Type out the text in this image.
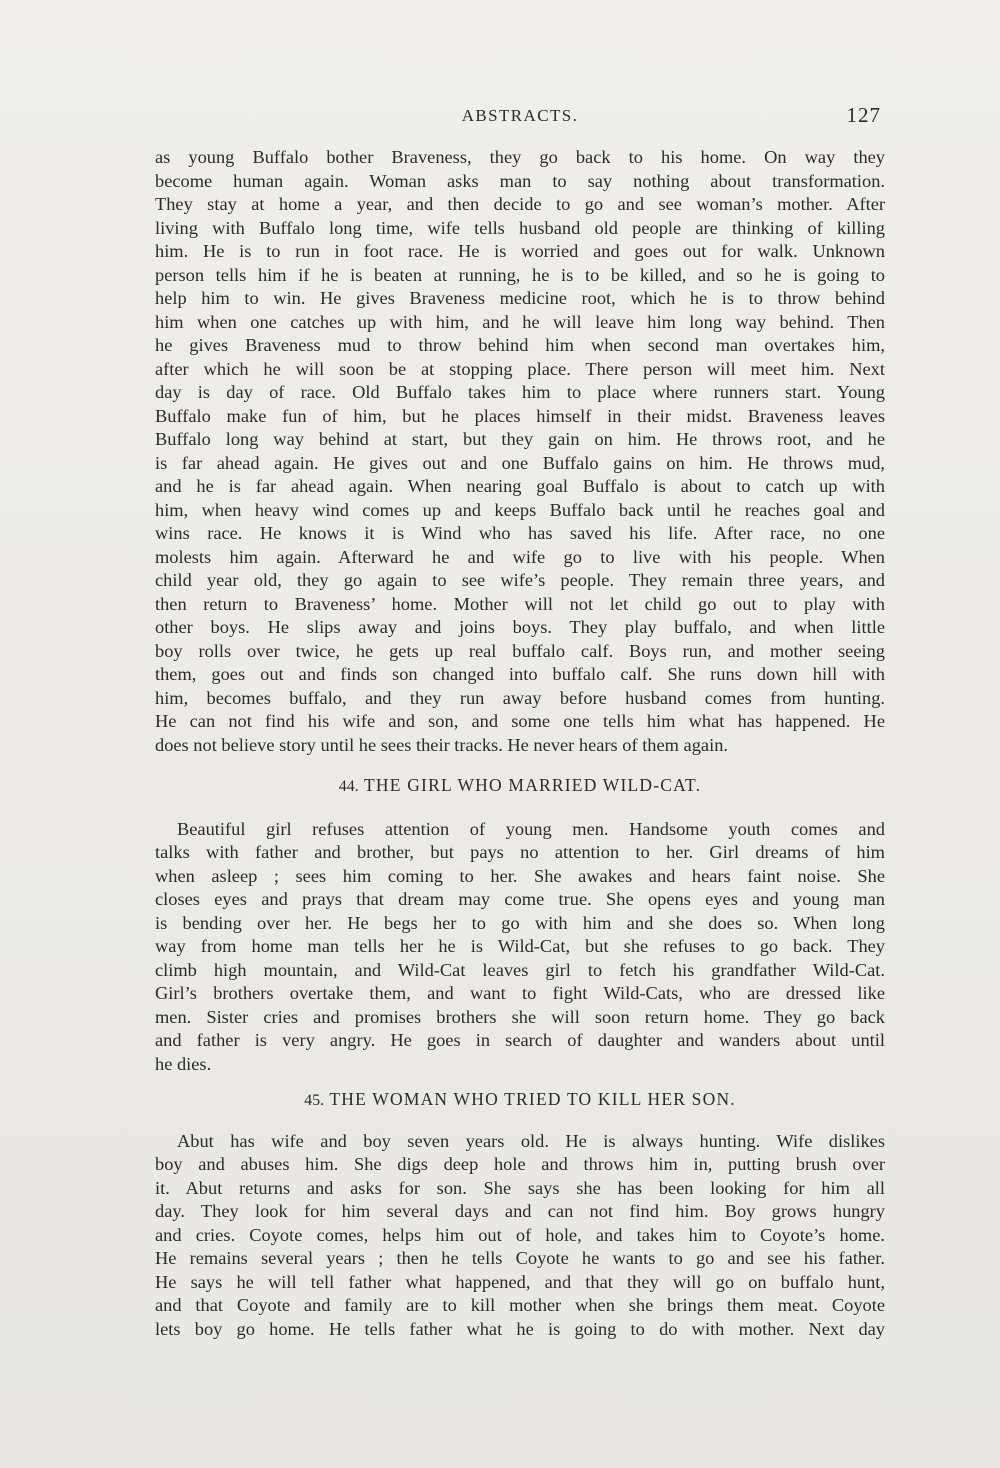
ABSTRACTS.	127
as young Buffalo bother Braveness, they go back to his home. On way they
become human again. Woman asks man to say nothing about transformation.
They stay at home a year, and then decide to go and see woman’s mother. After
living with Buffalo long time, wife tells husband old people are thinking of killing
him. He is to run in foot race. He is worried and goes out for walk. Unknown
person tells him if he is beaten at running, he is to be killed, and so he is going to
help him to win. He gives Braveness medicine root, which he is to throw behind
him when one catches up with him, and he will leave him long way behind. Then
he gives Braveness mud to throw behind him when second man overtakes him,
after which he will soon be at stopping place. There person will meet him. Next
day is day of race. Old Buffalo takes him to place where runners start. Young
Buffalo make fun of him, but he places himself in their midst. Braveness leaves
Buffalo long way behind at start, but they gain on him. He throws root, and he
is far ahead again. He gives out and one Buffalo gains on him. He throws mud,
and he is far ahead again. When nearing goal Buffalo is about to catch up with
him, when heavy wind comes up and keeps Buffalo back until he reaches goal and
wins race. He knows it is Wind who has saved his life. After race, no one
molests him again. Afterward he and wife go to live with his people. When
child year old, they go again to see wife’s people. They remain three years, and
then return to Braveness’ home. Mother will not let child go out to play with
other boys. He slips away and joins boys. They play buffalo, and when little
boy rolls over twice, he gets up real buffalo calf. Boys run, and mother seeing
them, goes out and finds son changed into buffalo calf. She runs down hill with
him, becomes buffalo, and they run away before husband comes from hunting.
He can not find his wife and son, and some one tells him what has happened. He
does not believe story until he sees their tracks. He never hears of them again.
44. THE GIRL WHO MARRIED WILD-CAT.
Beautiful girl refuses attention of young men. Handsome youth comes and
talks with father and brother, but pays no attention to her. Girl dreams of him
when asleep ; sees him coming to her. She awakes and hears faint noise. She
closes eyes and prays that dream may come true. She opens eyes and young man
is bending over her. He begs her to go with him and she does so. When long
way from home man tells her he is Wild-Cat, but she refuses to go back. They
climb high mountain, and Wild-Cat leaves girl to fetch his grandfather Wild-Cat.
Girl’s brothers overtake them, and want to fight Wild-Cats, who are dressed like
men. Sister cries and promises brothers she will soon return home. They go back
and father is very angry. He goes in search of daughter and wanders about until
he dies.
45. THE WOMAN WHO TRIED TO KILL HER SON.
Abut has wife and boy seven years old. He is always hunting. Wife dislikes
boy and abuses him. She digs deep hole and throws him in, putting brush over
it. Abut returns and asks for son. She says she has been looking for him all
day. They look for him several days and can not find him. Boy grows hungry
and cries. Coyote comes, helps him out of hole, and takes him to Coyote’s home.
He remains several years ; then he tells Coyote he wants to go and see his father.
He says he will tell father what happened, and that they will go on buffalo hunt,
and that Coyote and family are to kill mother when she brings them meat. Coyote
lets boy go home. He tells father what he is going to do with mother. Next day
